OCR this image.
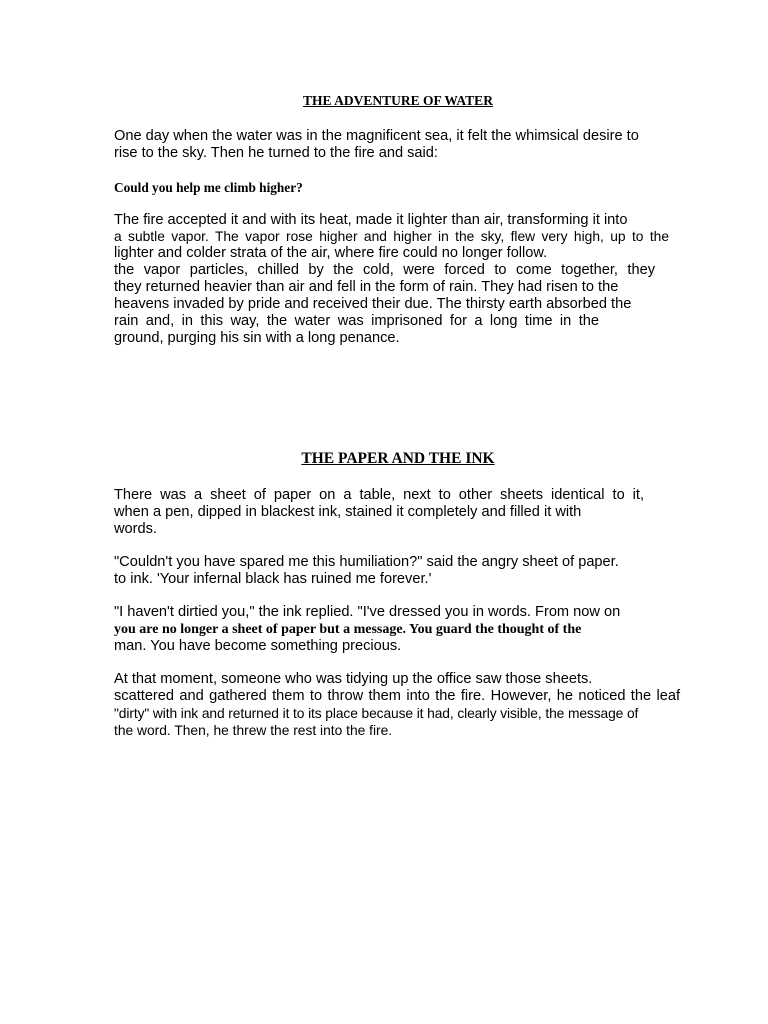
THE ADVENTURE OF WATER

One day when the water was in the magnificent sea, it felt the whimsical desire to

rise to the sky. Then he turned to the fire and said:

Could you help me climb higher?

The fire accepted it and with its heat, made it lighter than air, transforming it into

a subtle vapor. The vapor rose higher and higher in the sky, flew very high, up to the

lighter and colder strata of the air, where fire could no longer follow.

the vapor particles, chilled by the cold, were forced to come together, they

they returned heavier than air and fell in the form of rain. They had risen to the

heavens invaded by pride and received their due. The thirsty earth absorbed the

rain and, in this way, the water was imprisoned for a long time in the

ground, purging his sin with a long penance.

THE PAPER AND THE INK

There was a sheet of paper on a table, next to other sheets identical to it,

when a pen, dipped in blackest ink, stained it completely and filled it with

words.

"Couldn't you have spared me this humiliation?" said the angry sheet of paper.

to ink. 'Your infernal black has ruined me forever.'

"I haven't dirtied you," the ink replied. "I've dressed you in words. From now on

you are no longer a sheet of paper but a message. You guard the thought of the

man. You have become something precious.

At that moment, someone who was tidying up the office saw those sheets.

scattered and gathered them to throw them into the fire. However, he noticed the leaf

"dirty" with ink and returned it to its place because it had, clearly visible, the message of

the word. Then, he threw the rest into the fire.
